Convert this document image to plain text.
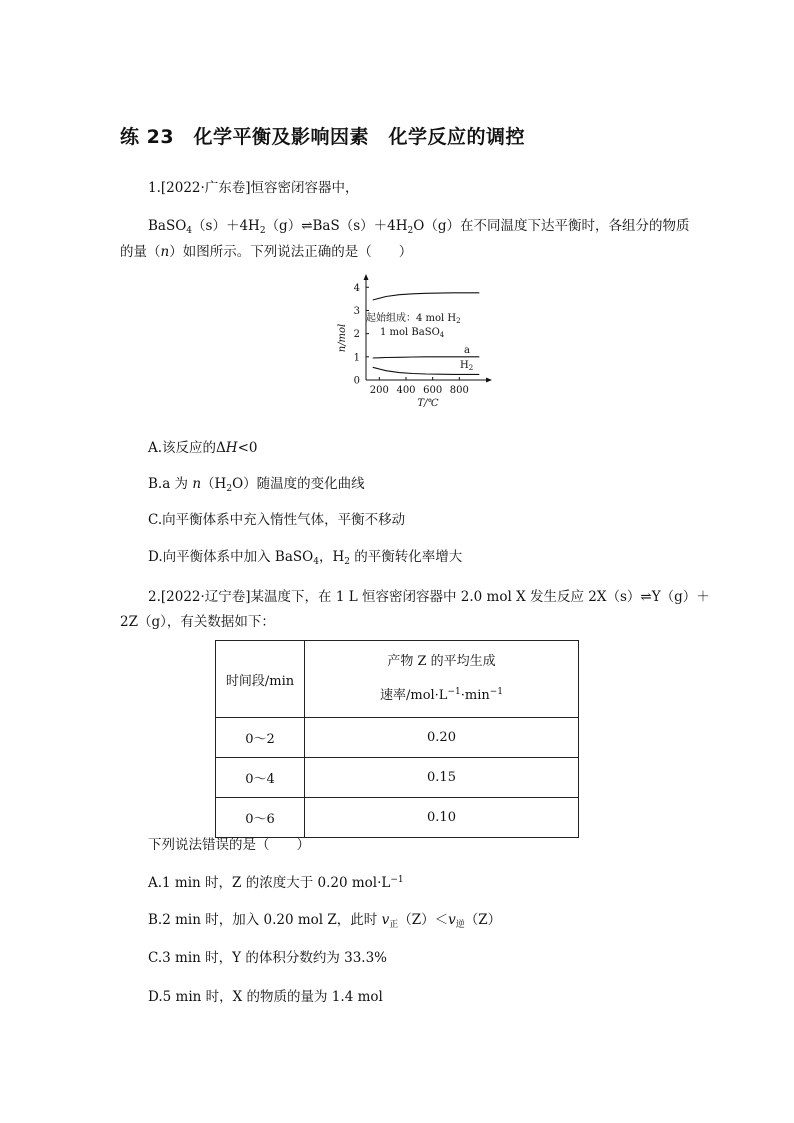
练 23　化学平衡及影响因素　化学反应的调控
1.[2022·广东卷]恒容密闭容器中，
$BaSO_4(s)+4H_2(g)\rightleftharpoons BaS(s)+4H_2O(g)$在不同温度下达平衡时，各组分的物质
的量（n）如图所示。下列说法正确的是（　　）
0
1
2
3
4
200 400 600 800
n/mol
T/℃
起始组成：4 mol $H_2$
1 mol BaSO$_4$
a
$H_2$
A.该反应的ΔH<0
B.a 为 $n(H_2O)$随温度的变化曲线
C.向平衡体系中充入惰性气体，平衡不移动
D.向平衡体系中加入 BaSO$_4$，$H_2$ 的平衡转化率增大
2.[2022·辽宁卷]某温度下，在 1 L 恒容密闭容器中 2.0 mol X 发生反应 2X（s）⇌Y（g）＋
2Z（g），有关数据如下：
时间段/min	产物 Z 的平均生成
速率$/mol\cdot L^{-1}\cdot\min^{-1}$

0～2	0.20
0～4	0.15
0～6	0.10
下列说法错误的是（　　）
A.1 min 时，Z 的浓度大于 0.20 $mol\cdot L^{-1}$
B.2 min 时，加入 0.20 mol Z，此时 $v_正(Z)<v_逆(Z)$
C.3 min 时，Y 的体积分数约为 33.3%
D.5 min 时，X 的物质的量为 1.4 mol
